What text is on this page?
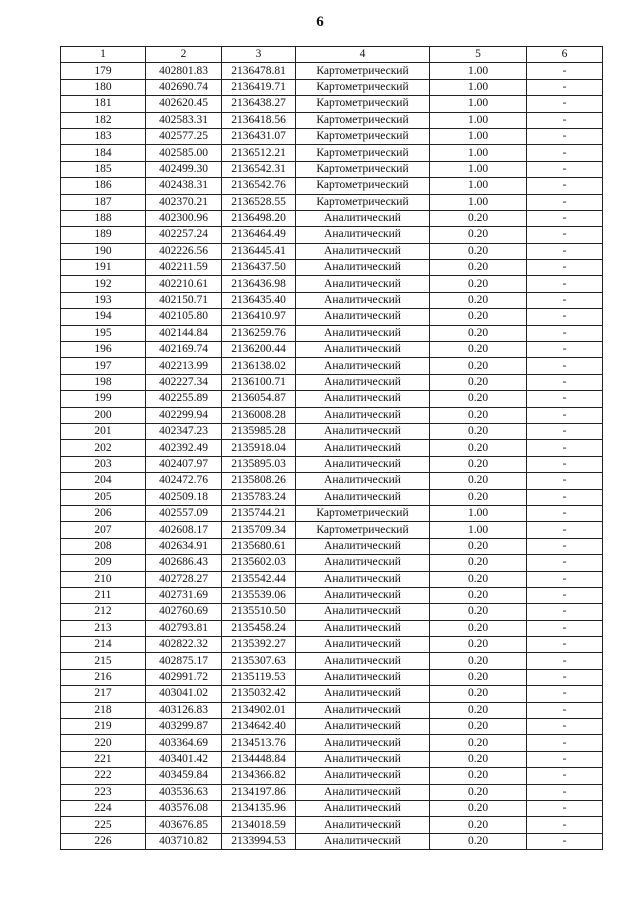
6
1	2	3	4	5	6
179	402801.83	2136478.81	Картометрический	1.00	-
180	402690.74	2136419.71	Картометрический	1.00	-
181	402620.45	2136438.27	Картометрический	1.00	-
182	402583.31	2136418.56	Картометрический	1.00	-
183	402577.25	2136431.07	Картометрический	1.00	-
184	402585.00	2136512.21	Картометрический	1.00	-
185	402499.30	2136542.31	Картометрический	1.00	-
186	402438.31	2136542.76	Картометрический	1.00	-
187	402370.21	2136528.55	Картометрический	1.00	-
188	402300.96	2136498.20	Аналитический	0.20	-
189	402257.24	2136464.49	Аналитический	0.20	-
190	402226.56	2136445.41	Аналитический	0.20	-
191	402211.59	2136437.50	Аналитический	0.20	-
192	402210.61	2136436.98	Аналитический	0.20	-
193	402150.71	2136435.40	Аналитический	0.20	-
194	402105.80	2136410.97	Аналитический	0.20	-
195	402144.84	2136259.76	Аналитический	0.20	-
196	402169.74	2136200.44	Аналитический	0.20	-
197	402213.99	2136138.02	Аналитический	0.20	-
198	402227.34	2136100.71	Аналитический	0.20	-
199	402255.89	2136054.87	Аналитический	0.20	-
200	402299.94	2136008.28	Аналитический	0.20	-
201	402347.23	2135985.28	Аналитический	0.20	-
202	402392.49	2135918.04	Аналитический	0.20	-
203	402407.97	2135895.03	Аналитический	0.20	-
204	402472.76	2135808.26	Аналитический	0.20	-
205	402509.18	2135783.24	Аналитический	0.20	-
206	402557.09	2135744.21	Картометрический	1.00	-
207	402608.17	2135709.34	Картометрический	1.00	-
208	402634.91	2135680.61	Аналитический	0.20	-
209	402686.43	2135602.03	Аналитический	0.20	-
210	402728.27	2135542.44	Аналитический	0.20	-
211	402731.69	2135539.06	Аналитический	0.20	-
212	402760.69	2135510.50	Аналитический	0.20	-
213	402793.81	2135458.24	Аналитический	0.20	-
214	402822.32	2135392.27	Аналитический	0.20	-
215	402875.17	2135307.63	Аналитический	0.20	-
216	402991.72	2135119.53	Аналитический	0.20	-
217	403041.02	2135032.42	Аналитический	0.20	-
218	403126.83	2134902.01	Аналитический	0.20	-
219	403299.87	2134642.40	Аналитический	0.20	-
220	403364.69	2134513.76	Аналитический	0.20	-
221	403401.42	2134448.84	Аналитический	0.20	-
222	403459.84	2134366.82	Аналитический	0.20	-
223	403536.63	2134197.86	Аналитический	0.20	-
224	403576.08	2134135.96	Аналитический	0.20	-
225	403676.85	2134018.59	Аналитический	0.20	-
226	403710.82	2133994.53	Аналитический	0.20	-
